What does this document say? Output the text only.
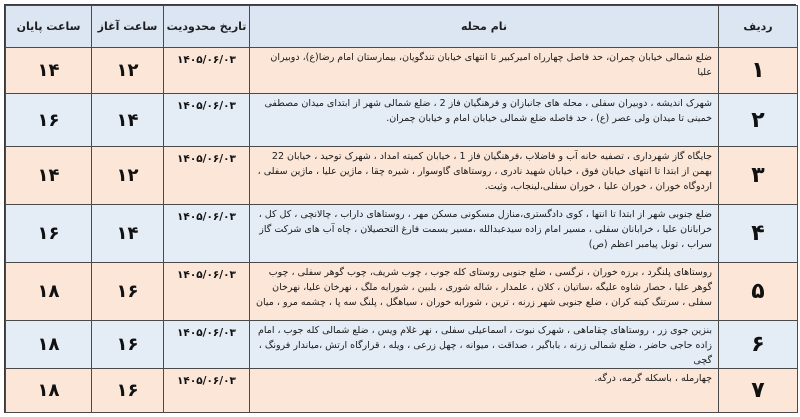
ردیف	نام محله	تاریخ محدودیت	ساعت آغاز	ساعت پایان
۱	ضلع شمالی خیابان چمران، حد فاصل چهارراه امیرکبیر تا انتهای خیابان تندگویان، بیمارستان امام رضا(ع)، دوبیران علیا	۱۴۰۵/۰۶/۰۳	۱۲	۱۴
۲	شهرک اندیشه ، دوبیران سفلی ، محله های جانبازان و فرهنگیان فاز 2 ، ضلع شمالی شهر از ابتدای میدان مصطفی خمینی تا میدان ولی عصر (ع) ، حد فاصله ضلع شمالی خیابان امام و خیابان چمران.	۱۴۰۵/۰۶/۰۳	۱۴	۱۶
۳	جایگاه گاز شهرداری ، تصفیه خانه آب و فاضلاب ،فرهنگیان فاز 1 ، خیابان کمیته امداد ، شهرک توحید ، خیابان 22 بهمن از ابتدا تا انتهای خیابان فوق ، خیابان شهید نادری ، روستاهای گاوسوار ، شیره چقا ، ماژین علیا ، ماژین سفلی ، اردوگاه خوران ، خوران علیا ، خوران سفلی،لینجاب، وثیت.	۱۴۰۵/۰۶/۰۳	۱۲	۱۴
۴	ضلع جنوبی شهر از ابتدا تا انتها ، کوی دادگستری،منازل مسکونی مسکن مهر ، روستاهای داراب ، چالانچی ، کل کل ، خرابانان علیا ، خرابانان سفلی ، مسیر امام زاده سیدعبدالله ،مسیر بسمت فارغ التحصیلان ، چاه آب های شرکت گاز سراب ، تونل پیامبر اعظم (ص)	۱۴۰۵/۰۶/۰۳	۱۴	۱۶
۵	روستاهای پلنگرد ، برزه خوران ، نرگسی ، ضلع جنوبی روستای کله جوب ، چوب شریف، چوب گوهر سفلی ، چوب گوهر علیا ، حصار شاوه علیگه ،ساتیان ، کلان ، علمدار ، شاله شوری ، بلبین ، شورابه ملگ ، نهرخان علیا، نهرخان سفلی ، سرتنگ کینه کران ، ضلع جنوبی شهر زرنه ، ترین ، شورابه خوران ، سیاهگل ، پلنگ سه پا ، چشمه مرو ، میان	۱۴۰۵/۰۶/۰۳	۱۶	۱۸
۶	بنزین جوی زر ، روستاهای چقاماهی ، شهرک نبوت ، اسماعیلی سفلی ، نهر غلام ویس ، ضلع شمالی کله جوب ، امام زاده حاجی حاضر ، ضلع شمالی زرنه ، باباگیر ، صداقت ، میوانه ، چهل زرعی ، ویله ، قرارگاه ارتش ،میاندار فرونگ ، گچی	۱۴۰۵/۰۶/۰۳	۱۶	۱۸
۷	چهارمله ، باسکله گرمه، درگه.	۱۴۰۵/۰۶/۰۳	۱۶	۱۸
